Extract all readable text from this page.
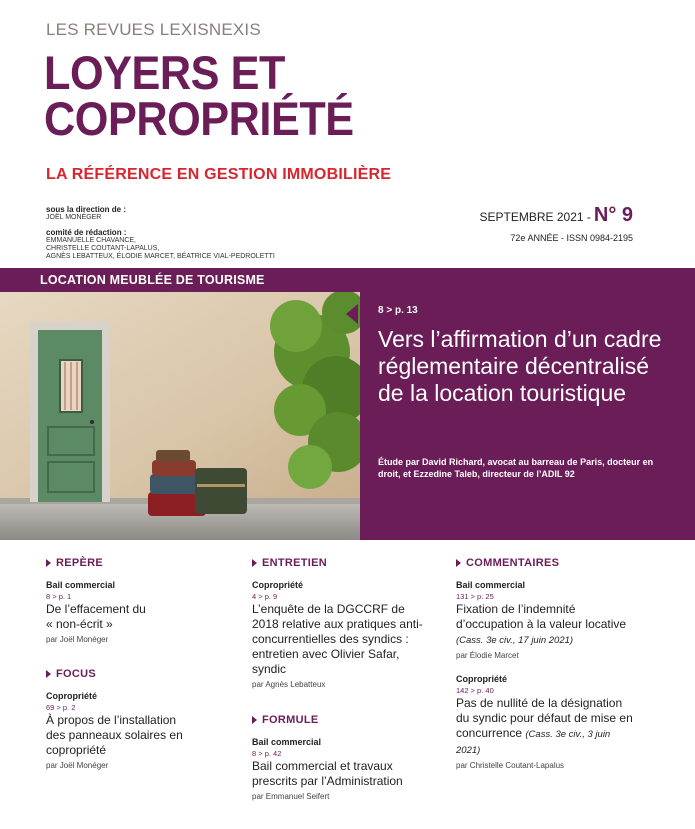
LES REVUES LEXISNEXIS
LOYERS ET
COPROPRIÉTÉ
LA RÉFÉRENCE EN GESTION IMMOBILIÈRE
sous la direction de :
JOËL MONÉGER
comité de rédaction :
EMMANUELLE CHAVANCE,
CHRISTELLE COUTANT-LAPALUS,
AGNÈS LEBATTEUX, ÉLODIE MARCET, BÉATRICE VIAL-PEDROLETTI
SEPTEMBRE 2021 - N° 9
72e ANNÉE - ISSN 0984-2195
LOCATION MEUBLÉE DE TOURISME
8 > p. 13
Vers l’affirmation d’un cadre réglementaire décentralisé de la location touristique
Étude par David Richard, avocat au barreau de Paris, docteur en droit, et Ezzedine Taleb, directeur de l’ADIL 92
REPÈRE
Bail commercial
8 > p. 1
De l’effacement du « non-écrit »
par Joël Monéger
FOCUS
Copropriété
69 > p. 2
À propos de l’installation des panneaux solaires en copropriété
par Joël Monéger
ENTRETIEN
Copropriété
4 > p. 9
L’enquête de la DGCCRF de 2018 relative aux pratiques anti-concurrentielles des syndics : entretien avec Olivier Safar, syndic
par Agnès Lebatteux
FORMULE
Bail commercial
8 > p. 42
Bail commercial et travaux prescrits par l’Administration
par Emmanuel Seifert
COMMENTAIRES
Bail commercial
131 > p. 25
Fixation de l’indemnité d’occupation à la valeur locative (Cass. 3e civ., 17 juin 2021)
par Élodie Marcet
Copropriété
142 > p. 40
Pas de nullité de la désignation du syndic pour défaut de mise en concurrence (Cass. 3e civ., 3 juin 2021)
par Christelle Coutant-Lapalus
